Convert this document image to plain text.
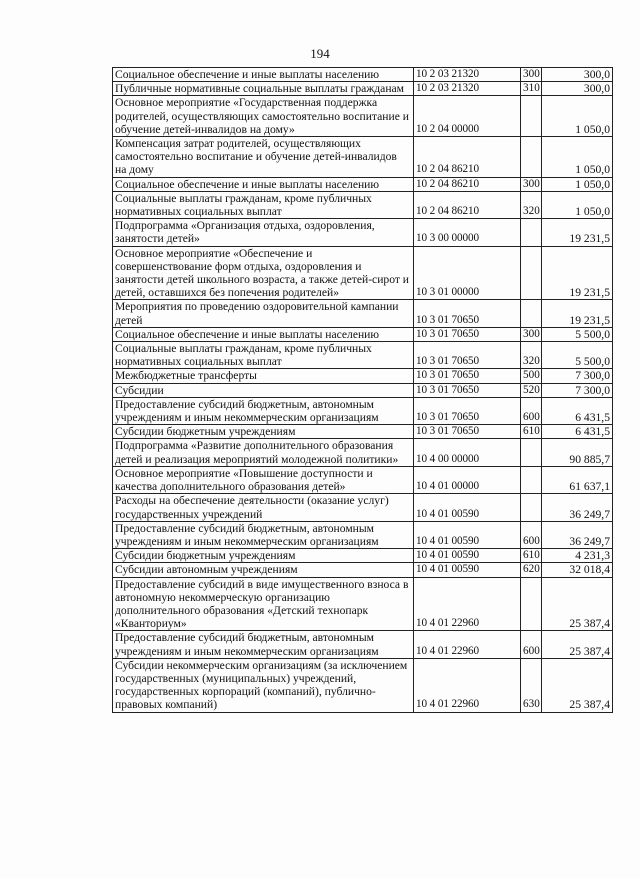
194
Социальное обеспечение и иные выплаты населению	10 2 03 21320	300	300,0
Публичные нормативные социальные выплаты гражданам	10 2 03 21320	310	300,0
Основное мероприятие «Государственная поддержка родителей, осуществляющих самостоятельно воспитание и обучение детей-инвалидов на дому»	10 2 04 00000		1 050,0
Компенсация затрат родителей, осуществляющих самостоятельно воспитание и обучение детей-инвалидов на дому	10 2 04 86210		1 050,0
Социальное обеспечение и иные выплаты населению	10 2 04 86210	300	1 050,0
Социальные выплаты гражданам, кроме публичных нормативных социальных выплат	10 2 04 86210	320	1 050,0
Подпрограмма «Организация отдыха, оздоровления, занятости детей»	10 3 00 00000		19 231,5
Основное мероприятие «Обеспечение и совершенствование форм отдыха, оздоровления и занятости детей школьного возраста, а также детей-сирот и детей, оставшихся без попечения родителей»	10 3 01 00000		19 231,5
Мероприятия по проведению оздоровительной кампании детей	10 3 01 70650		19 231,5
Социальное обеспечение и иные выплаты населению	10 3 01 70650	300	5 500,0
Социальные выплаты гражданам, кроме публичных нормативных социальных выплат	10 3 01 70650	320	5 500,0
Межбюджетные трансферты	10 3 01 70650	500	7 300,0
Субсидии	10 3 01 70650	520	7 300,0
Предоставление субсидий бюджетным, автономным учреждениям и иным некоммерческим организациям	10 3 01 70650	600	6 431,5
Субсидии бюджетным учреждениям	10 3 01 70650	610	6 431,5
Подпрограмма «Развитие дополнительного образования детей и реализация мероприятий молодежной политики»	10 4 00 00000		90 885,7
Основное мероприятие «Повышение доступности и качества дополнительного образования детей»	10 4 01 00000		61 637,1
Расходы на обеспечение деятельности (оказание услуг) государственных учреждений	10 4 01 00590		36 249,7
Предоставление субсидий бюджетным, автономным учреждениям и иным некоммерческим организациям	10 4 01 00590	600	36 249,7
Субсидии бюджетным учреждениям	10 4 01 00590	610	4 231,3
Субсидии автономным учреждениям	10 4 01 00590	620	32 018,4
Предоставление субсидий в виде имущественного взноса в автономную некоммерческую организацию дополнительного образования «Детский технопарк «Кванториум»	10 4 01 22960		25 387,4
Предоставление субсидий бюджетным, автономным учреждениям и иным некоммерческим организациям	10 4 01 22960	600	25 387,4
Субсидии некоммерческим организациям (за исключением государственных (муниципальных) учреждений, государственных корпораций (компаний), публично-правовых компаний)	10 4 01 22960	630	25 387,4
